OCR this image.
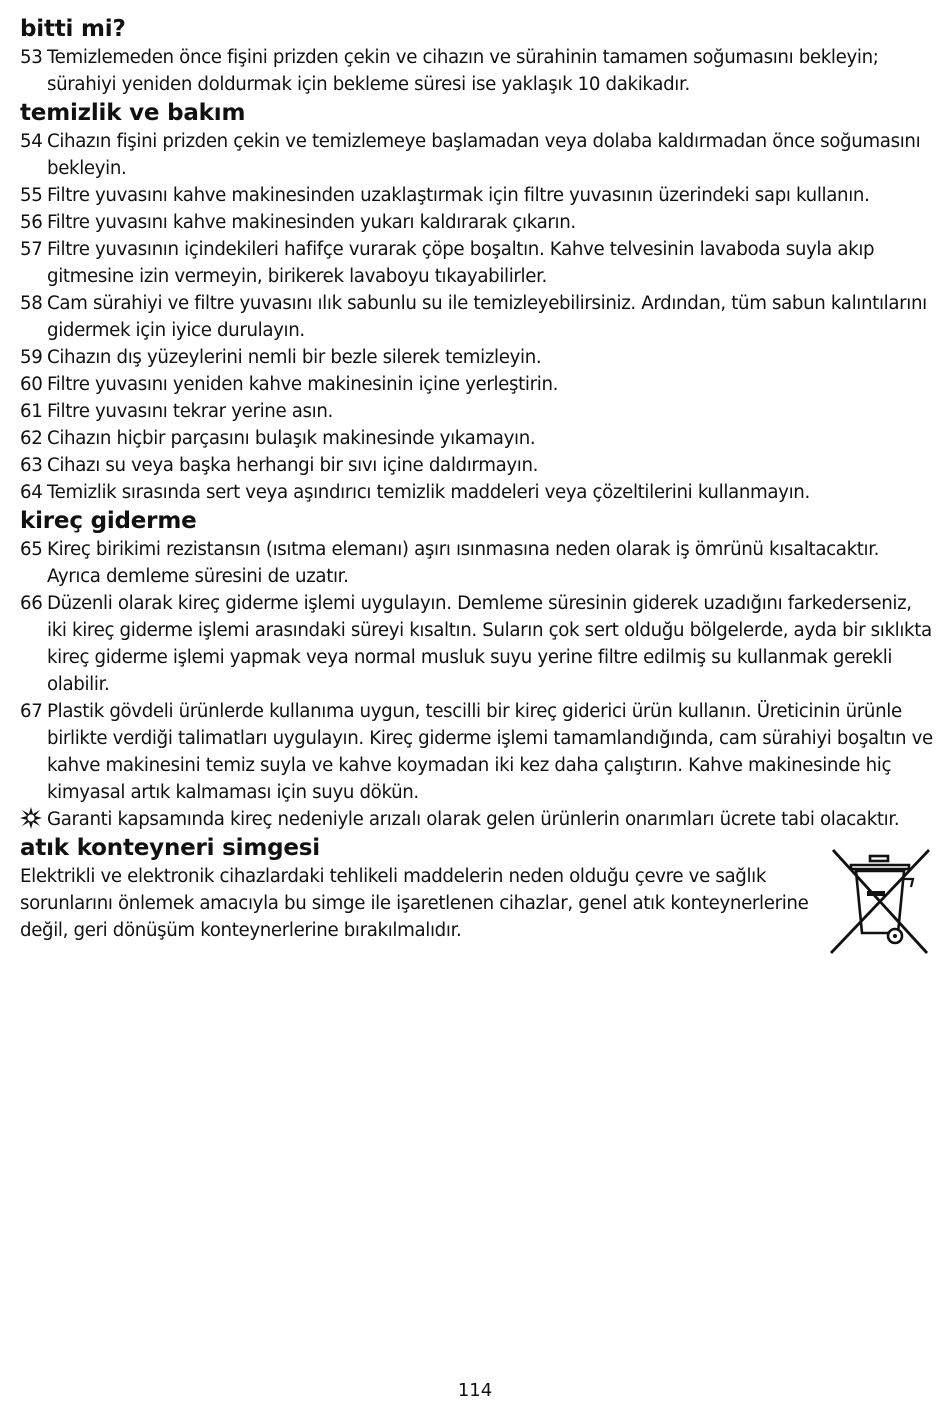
bitti mi?
53 Temizlemeden önce fişini prizden çekin ve cihazın ve sürahinin tamamen soğumasını bekleyin; sürahiyi yeniden doldurmak için bekleme süresi ise yaklaşık 10 dakikadır.
temizlik ve bakım
54 Cihazın fişini prizden çekin ve temizlemeye başlamadan veya dolaba kaldırmadan önce soğumasını bekleyin.
55 Filtre yuvasını kahve makinesinden uzaklaştırmak için filtre yuvasının üzerindeki sapı kullanın.
56 Filtre yuvasını kahve makinesinden yukarı kaldırarak çıkarın.
57 Filtre yuvasının içindekileri hafifçe vurarak çöpe boşaltın. Kahve telvesinin lavaboda suyla akıp gitmesine izin vermeyin, birikerek lavaboyu tıkayabilirler.
58 Cam sürahiyi ve filtre yuvasını ılık sabunlu su ile temizleyebilirsiniz. Ardından, tüm sabun kalıntılarını gidermek için iyice durulayın.
59 Cihazın dış yüzeylerini nemli bir bezle silerek temizleyin.
60 Filtre yuvasını yeniden kahve makinesinin içine yerleştirin.
61 Filtre yuvasını tekrar yerine asın.
62 Cihazın hiçbir parçasını bulaşık makinesinde yıkamayın.
63 Cihazı su veya başka herhangi bir sıvı içine daldırmayın.
64 Temizlik sırasında sert veya aşındırıcı temizlik maddeleri veya çözeltilerini kullanmayın.
kireç giderme
65 Kireç birikimi rezistansın (ısıtma elemanı) aşırı ısınmasına neden olarak iş ömrünü kısaltacaktır. Ayrıca demleme süresini de uzatır.
66 Düzenli olarak kireç giderme işlemi uygulayın. Demleme süresinin giderek uzadığını farkederseniz, iki kireç giderme işlemi arasındaki süreyi kısaltın. Suların çok sert olduğu bölgelerde, ayda bir sıklıkta kireç giderme işlemi yapmak veya normal musluk suyu yerine filtre edilmiş su kullanmak gerekli olabilir.
67 Plastik gövdeli ürünlerde kullanıma uygun, tescilli bir kireç giderici ürün kullanın. Üreticinin ürünle birlikte verdiği talimatları uygulayın. Kireç giderme işlemi tamamlandığında, cam sürahiyi boşaltın ve kahve makinesini temiz suyla ve kahve koymadan iki kez daha çalıştırın. Kahve makinesinde hiç kimyasal artık kalmaması için suyu dökün.
Garanti kapsamında kireç nedeniyle arızalı olarak gelen ürünlerin onarımları ücrete tabi olacaktır.
atık konteyneri simgesi

Elektrikli ve elektronik cihazlardaki tehlikeli maddelerin neden olduğu çevre ve sağlık sorunlarını önlemek amacıyla bu simge ile işaretlenen cihazlar, genel atık konteynerlerine değil, geri dönüşüm konteynerlerine bırakılmalıdır.

114
